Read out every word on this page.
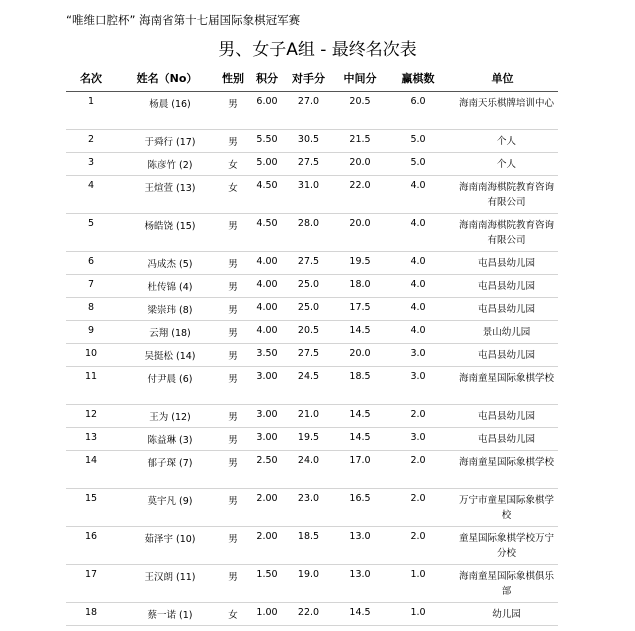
“唯维口腔杯” 海南省第十七届国际象棋冠军赛
男、女子A组 - 最终名次表
名次	姓名（No）	性别	积分	对手分	中间分	赢棋数	单位
1	杨晨 (16)	男	6.00	27.0	20.5	6.0	海南天乐棋牌培训中心
2	于舜行 (17)	男	5.50	30.5	21.5	5.0	个人
3	陈彦竹 (2)	女	5.00	27.5	20.0	5.0	个人
4	王煊萱 (13)	女	4.50	31.0	22.0	4.0	海南南海棋院教育咨询有限公司
5	杨皓饶 (15)	男	4.50	28.0	20.0	4.0	海南南海棋院教育咨询有限公司
6	冯成杰 (5)	男	4.00	27.5	19.5	4.0	屯昌县幼儿园
7	杜传锦 (4)	男	4.00	25.0	18.0	4.0	屯昌县幼儿园
8	梁崇玮 (8)	男	4.00	25.0	17.5	4.0	屯昌县幼儿园
9	云翔 (18)	男	4.00	20.5	14.5	4.0	景山幼儿园
10	吴挺松 (14)	男	3.50	27.5	20.0	3.0	屯昌县幼儿园
11	付尹晨 (6)	男	3.00	24.5	18.5	3.0	海南童星国际象棋学校
12	王为 (12)	男	3.00	21.0	14.5	2.0	屯昌县幼儿园
13	陈益琳 (3)	男	3.00	19.5	14.5	3.0	屯昌县幼儿园
14	郁子琛 (7)	男	2.50	24.0	17.0	2.0	海南童星国际象棋学校
15	莫宇凡 (9)	男	2.00	23.0	16.5	2.0	万宁市童星国际象棋学校
16	茹泽宇 (10)	男	2.00	18.5	13.0	2.0	童星国际象棋学校万宁分校
17	王汉朗 (11)	男	1.50	19.0	13.0	1.0	海南童星国际象棋俱乐部
18	蔡一诺 (1)	女	1.00	22.0	14.5	1.0	幼儿园
